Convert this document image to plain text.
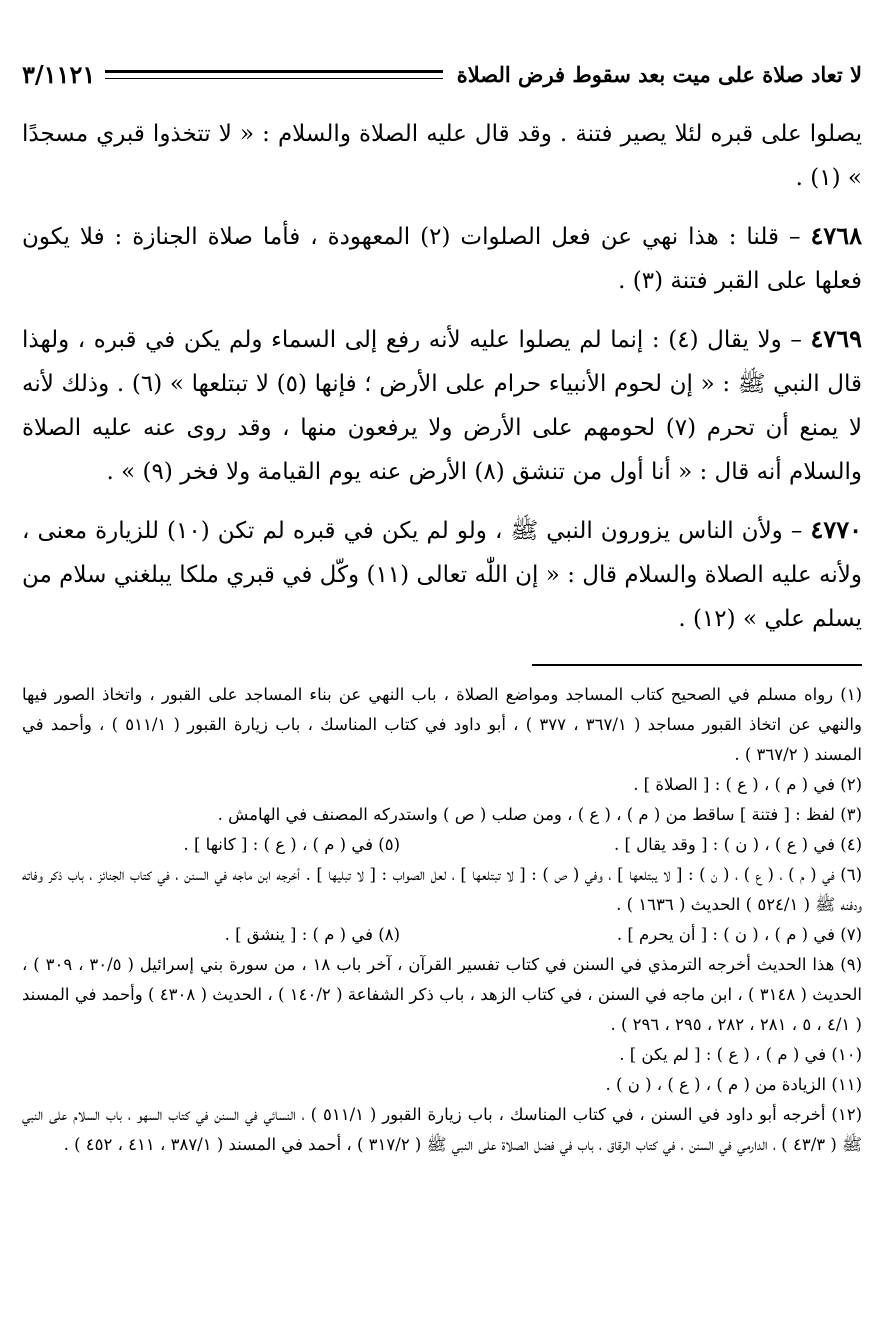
لا تعاد صلاة على ميت بعد سقوط فرض الصلاة
٣/١١٢١

يصلوا على قبره لئلا يصير فتنة . وقد قال عليه الصلاة والسلام : « لا تتخذوا قبري مسجدًا » (١) .

٤٧٦٨ – قلنا : هذا نهي عن فعل الصلوات (٢) المعهودة ، فأما صلاة الجنازة : فلا يكون فعلها على القبر فتنة (٣) .

٤٧٦٩ – ولا يقال (٤) : إنما لم يصلوا عليه لأنه رفع إلى السماء ولم يكن في قبره ، ولهذا قال النبي ﷺ : « إن لحوم الأنبياء حرام على الأرض ؛ فإنها (٥) لا تبتلعها » (٦) . وذلك لأنه لا يمنع أن تحرم (٧) لحومهم على الأرض ولا يرفعون منها ، وقد روى عنه عليه الصلاة والسلام أنه قال : « أنا أول من تنشق (٨) الأرض عنه يوم القيامة ولا فخر (٩) » .

٤٧٧٠ – ولأن الناس يزورون النبي ﷺ ، ولو لم يكن في قبره لم تكن (١٠) للزيارة معنى ، ولأنه عليه الصلاة والسلام قال : « إن اللّٰه تعالى (١١) وكّل في قبري ملكا يبلغني سلام من يسلم علي » (١٢) .

(١) رواه مسلم في الصحيح كتاب المساجد ومواضع الصلاة ، باب النهي عن بناء المساجد على القبور ، واتخاذ الصور فيها والنهي عن اتخاذ القبور مساجد ( ٣٦٧/١ ، ٣٧٧ ) ، أبو داود في كتاب المناسك ، باب زيارة القبور ( ٥١١/١ ) ، وأحمد في المسند ( ٣٦٧/٢ ) .

(٢) في ( م ) ، ( ع ) : [ الصلاة ] .

(٣) لفظ : [ فتنة ] ساقط من ( م ) ، ( ع ) ، ومن صلب ( ص ) واستدركه المصنف في الهامش .

(٤) في ( ع ) ، ( ن ) : [ وقد يقال ] .

(٥) في ( م ) ، ( ع ) : [ كانها ] .

(٦) في ( م ) ، ( ع ) ، ( ن ) : [ لا يبتلعها ] ، وفي ( ص ) : [ لا تبتلعها ] ، لعل الصواب : [ لا تبليها ] . أخرجه ابن ماجه في السنن ، في كتاب الجنائز ، باب ذكر وفاته ودفنه ﷺ ( ٥٢٤/١ ) الحديث ( ١٦٣٦ ) .

(٧) في ( م ) ، ( ن ) : [ أن يحرم ] .

(٨) في ( م ) : [ ينشق ] .

(٩) هذا الحديث أخرجه الترمذي في السنن في كتاب تفسير القرآن ، آخر باب ١٨ ، من سورة بني إسرائيل ( ٣٠/٥ ، ٣٠٩ ) ، الحديث ( ٣١٤٨ ) ، ابن ماجه في السنن ، في كتاب الزهد ، باب ذكر الشفاعة ( ١٤٠/٢ ) ، الحديث ( ٤٣٠٨ ) وأحمد في المسند ( ٤/١ ، ٥ ، ٢٨١ ، ٢٨٢ ، ٢٩٥ ، ٢٩٦ ) .

(١٠) في ( م ) ، ( ع ) : [ لم يكن ] .

(١١) الزيادة من ( م ) ، ( ع ) ، ( ن ) .

(١٢) أخرجه أبو داود في السنن ، في كتاب المناسك ، باب زيارة القبور ( ٥١١/١ ) ، النسائي في السنن في كتاب السهو ، باب السلام على النبي ﷺ ( ٤٣/٣ ) ، الدارمي في السنن ، في كتاب الرقاق ، باب في فضل الصلاة على النبي ﷺ ( ٣١٧/٢ ) ، أحمد في المسند ( ٣٨٧/١ ، ٤١١ ، ٤٥٢ ) .
